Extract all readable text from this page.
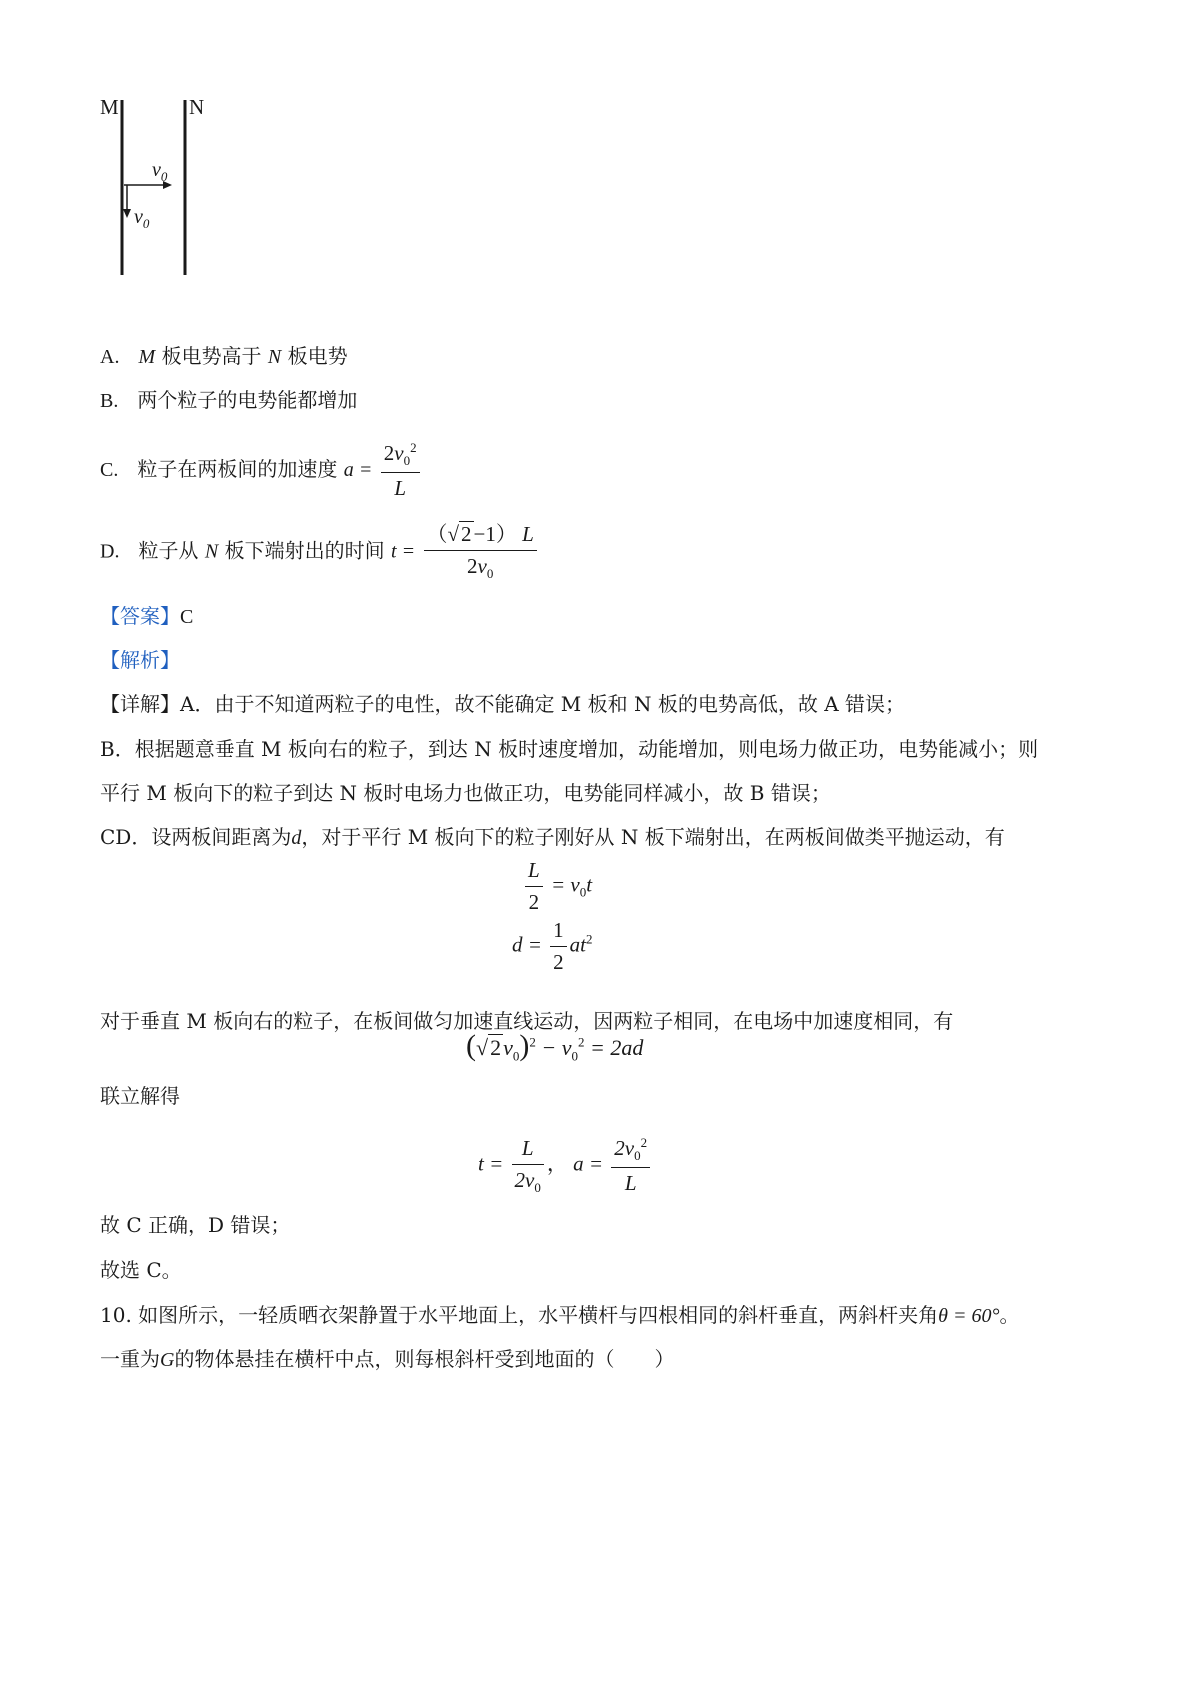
M	N
$v_0$
$v_0$
A. M 板电势高于 N 板电势
B. 两个粒子的电势能都增加
C. 粒子在两板间的加速度 $a = \frac{2v_0^2}{L}$
D. 粒子从 N 板下端射出的时间 $t = \frac{(√2-1) L}{2v_0}$
【答案】C
【解析】
【详解】A．由于不知道两粒子的电性，故不能确定 M 板和 N 板的电势高低，故 A 错误；
B．根据题意垂直 M 板向右的粒子，到达 N 板时速度增加，动能增加，则电场力做正功，电势能减小；则
平行 M 板向下的粒子到达 N 板时电场力也做正功，电势能同样减小，故 B 错误；
CD．设两板间距离为d，对于平行 M 板向下的粒子刚好从 N 板下端射出，在两板间做类平抛运动，有
$\frac{L}{2} = v_0t$
$d = \frac{1}{2} at^2$
对于垂直 M 板向右的粒子，在板间做匀加速直线运动，因两粒子相同，在电场中加速度相同，有
$(√2v_0)^2 - v_0^2 = 2ad$
联立解得
$t = \frac{L}{2v_0}$ ， $a = \frac{2v_0^2}{L}$
故 C 正确，D 错误；
故选 C。
10. 如图所示，一轻质晒衣架静置于水平地面上，水平横杆与四根相同的斜杆垂直，两斜杆夹角θ = 60°。
一重为G的物体悬挂在横杆中点，则每根斜杆受到地面的（　　）
